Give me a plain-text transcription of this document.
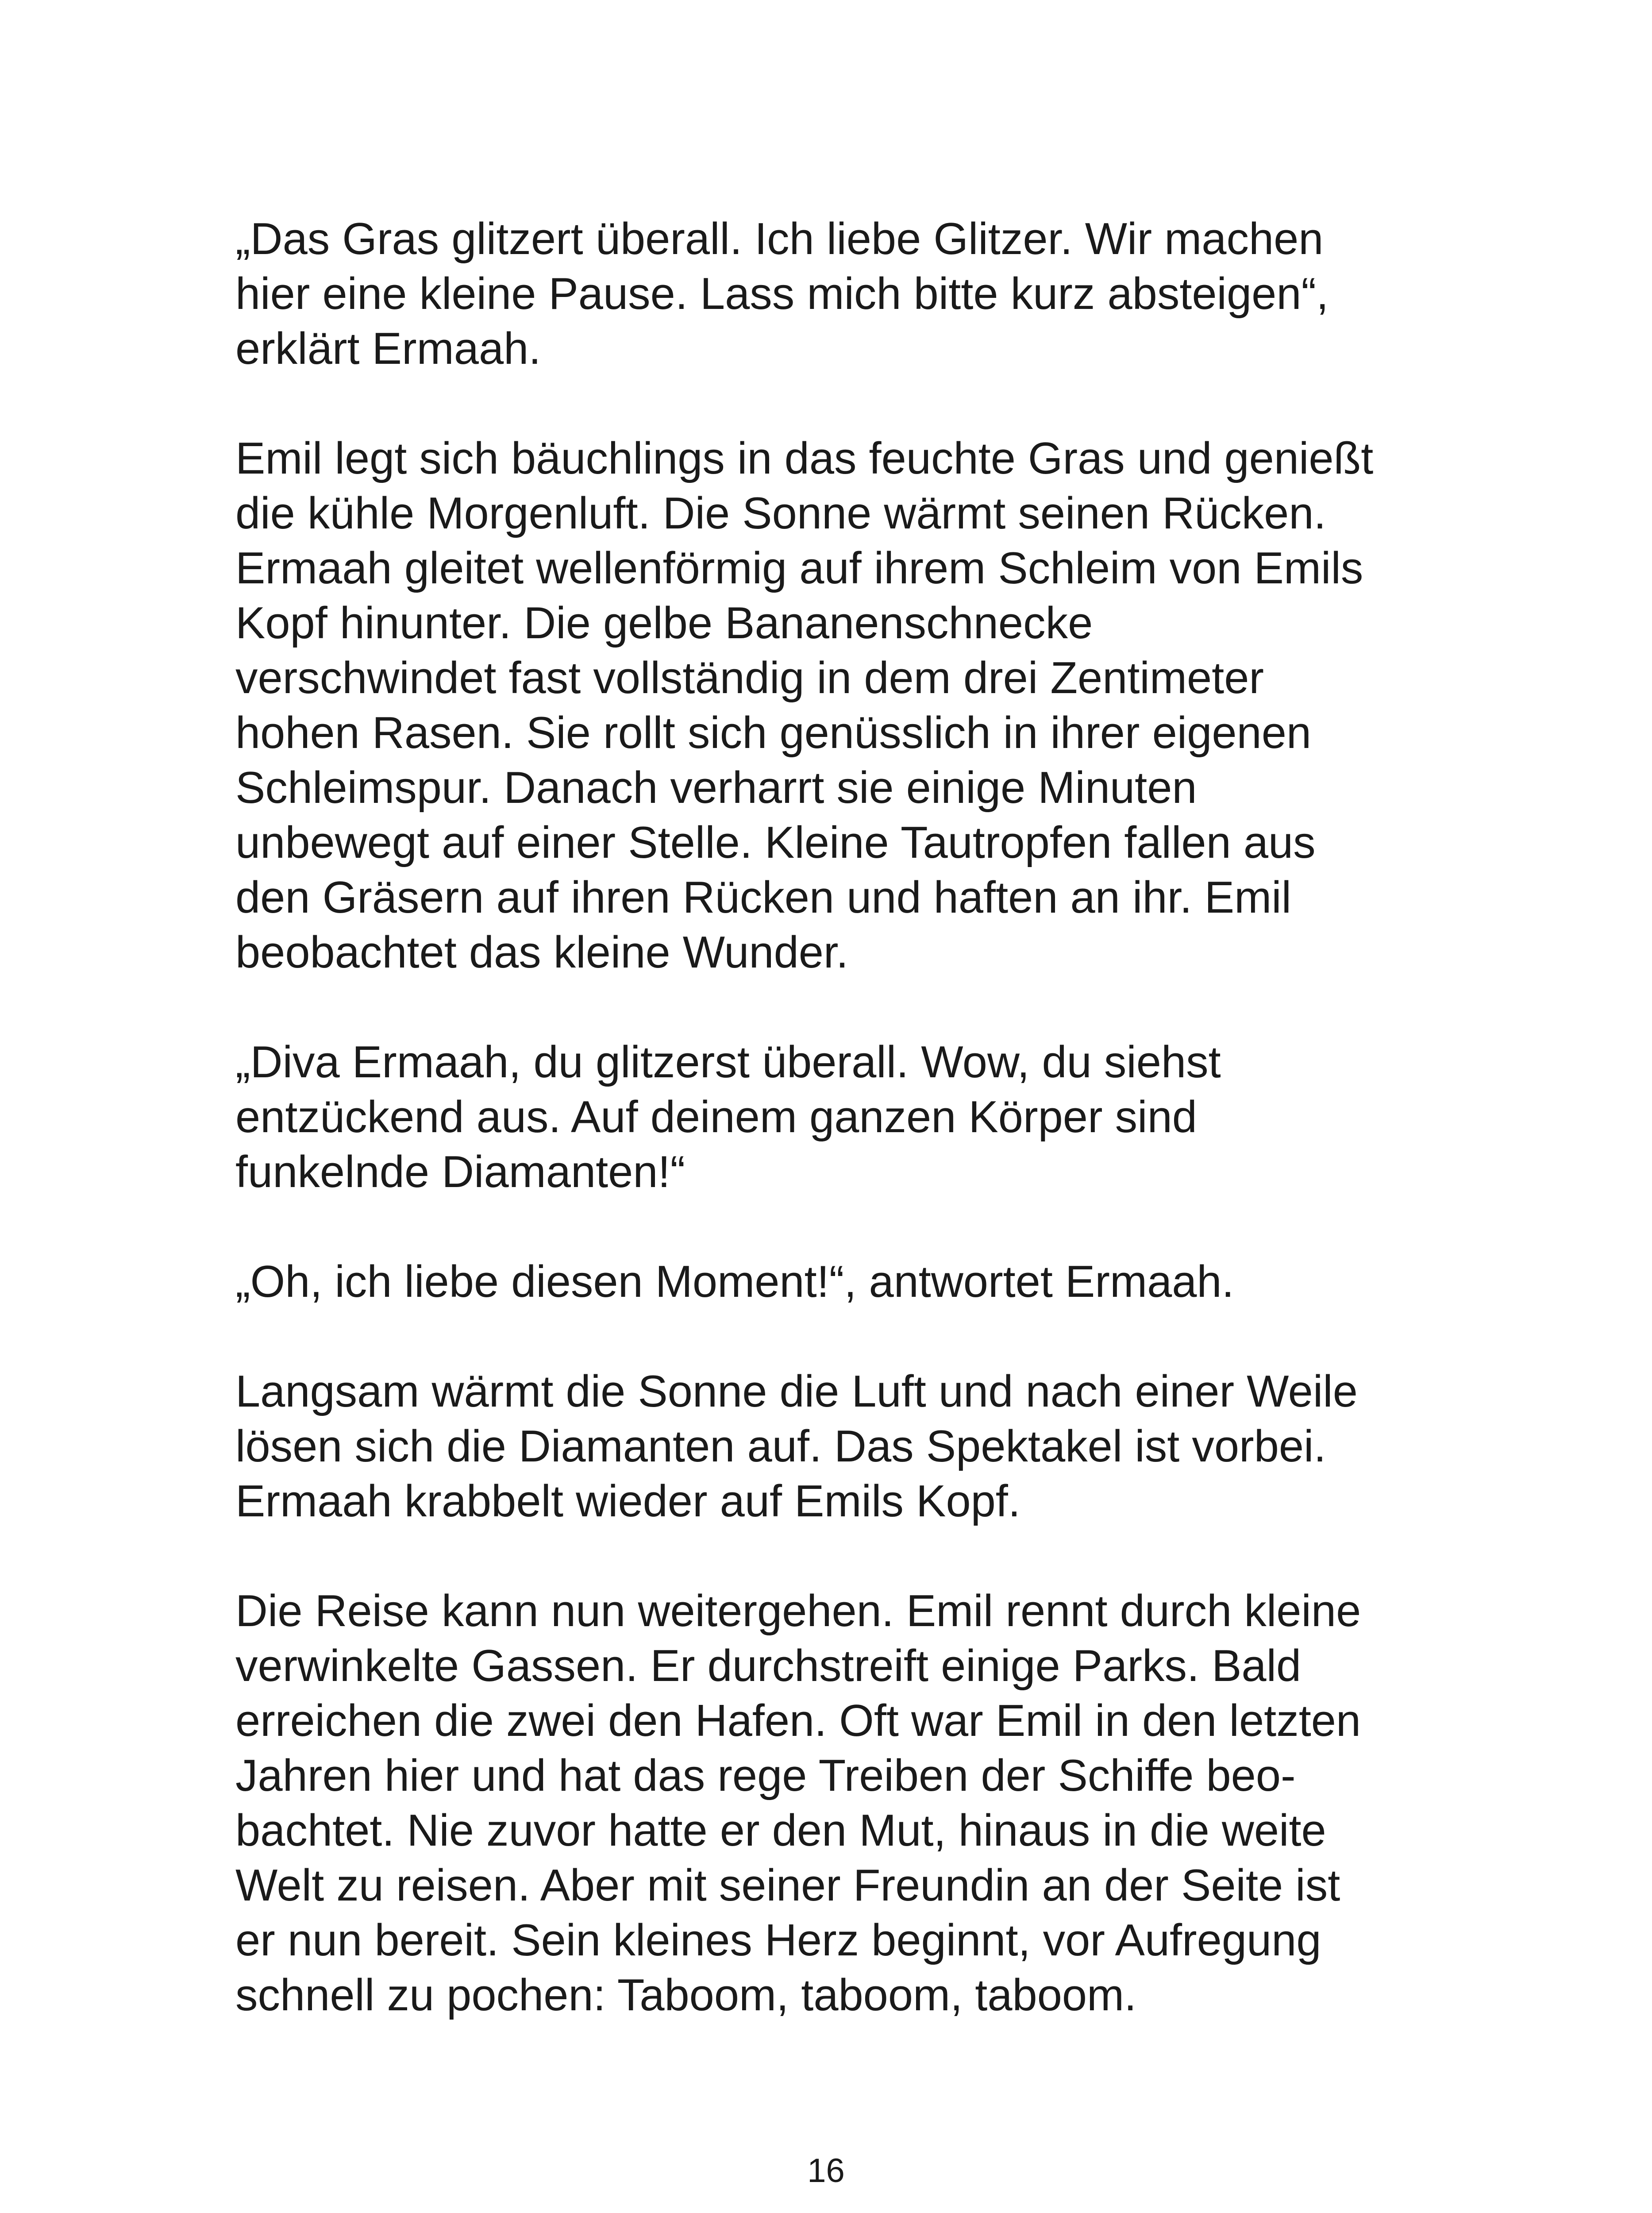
„Das Gras glitzert überall. Ich liebe Glitzer. Wir machen
hier eine kleine Pause. Lass mich bitte kurz absteigen“,
erklärt Ermaah.

Emil legt sich bäuchlings in das feuchte Gras und genießt
die kühle Morgenluft. Die Sonne wärmt seinen Rücken.
Ermaah gleitet wellenförmig auf ihrem Schleim von Emils
Kopf hinunter. Die gelbe Bananenschnecke
verschwindet fast vollständig in dem drei Zentimeter
hohen Rasen. Sie rollt sich genüsslich in ihrer eigenen
Schleimspur. Danach verharrt sie einige Minuten
unbewegt auf einer Stelle. Kleine Tautropfen fallen aus
den Gräsern auf ihren Rücken und haften an ihr. Emil
beobachtet das kleine Wunder.

„Diva Ermaah, du glitzerst überall. Wow, du siehst
entzückend aus. Auf deinem ganzen Körper sind
funkelnde Diamanten!“

„Oh, ich liebe diesen Moment!“, antwortet Ermaah.

Langsam wärmt die Sonne die Luft und nach einer Weile
lösen sich die Diamanten auf. Das Spektakel ist vorbei.
Ermaah krabbelt wieder auf Emils Kopf.

Die Reise kann nun weitergehen. Emil rennt durch kleine
verwinkelte Gassen. Er durchstreift einige Parks. Bald
erreichen die zwei den Hafen. Oft war Emil in den letzten
Jahren hier und hat das rege Treiben der Schiffe beo-
bachtet. Nie zuvor hatte er den Mut, hinaus in die weite
Welt zu reisen. Aber mit seiner Freundin an der Seite ist
er nun bereit. Sein kleines Herz beginnt, vor Aufregung
schnell zu pochen: Taboom, taboom, taboom.

16
